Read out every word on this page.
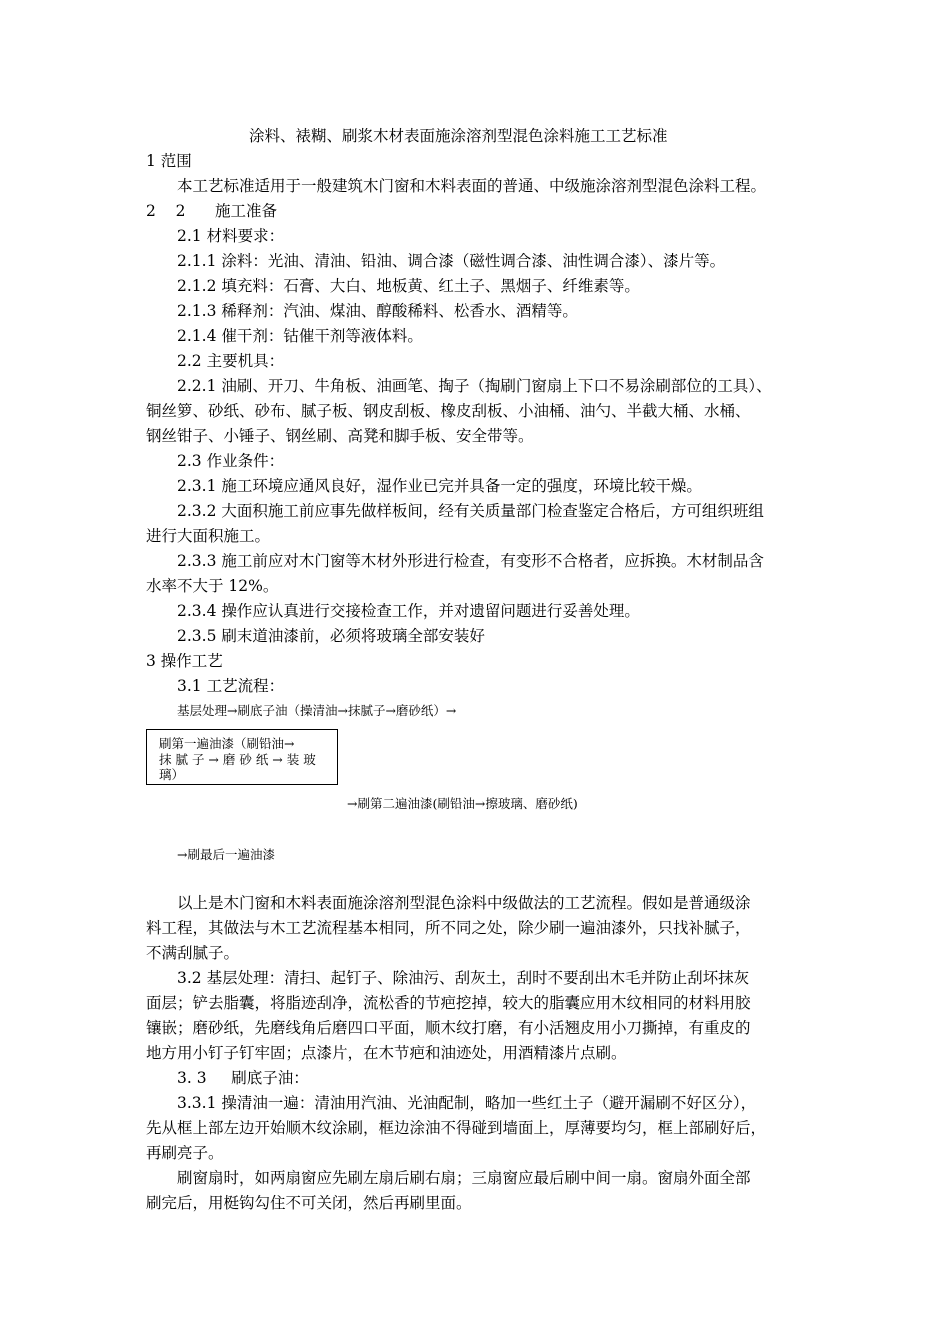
涂料、裱糊、刷浆木材表面施涂溶剂型混色涂料施工工艺标准

1 范围

本工艺标准适用于一般建筑木门窗和木料表面的普通、中级施涂溶剂型混色涂料工程。

2    2      施工准备

2.1 材料要求：

2.1.1 涂料：光油、清油、铅油、调合漆（磁性调合漆、油性调合漆）、漆片等。

2.1.2 填充料：石膏、大白、地板黄、红土子、黑烟子、纤维素等。

2.1.3 稀释剂：汽油、煤油、醇酸稀料、松香水、酒精等。

2.1.4 催干剂：钴催干剂等液体料。

2.2 主要机具：

2.2.1 油刷、开刀、牛角板、油画笔、掏子（掏刷门窗扇上下口不易涂刷部位的工具）、

铜丝箩、砂纸、砂布、腻子板、钢皮刮板、橡皮刮板、小油桶、油勺、半截大桶、水桶、

钢丝钳子、小锤子、钢丝刷、高凳和脚手板、安全带等。

2.3 作业条件：

2.3.1 施工环境应通风良好，湿作业已完并具备一定的强度，环境比较干燥。

2.3.2 大面积施工前应事先做样板间，经有关质量部门检查鉴定合格后，方可组织班组

进行大面积施工。

2.3.3 施工前应对木门窗等木材外形进行检查，有变形不合格者，应拆换。木材制品含

水率不大于 12%。

2.3.4 操作应认真进行交接检查工作，并对遗留问题进行妥善处理。

2.3.5 刷末道油漆前，必须将玻璃全部安装好

3 操作工艺

3.1 工艺流程：

基层处理→刷底子油（操清油→抹腻子→磨砂纸）→

刷第一遍油漆（刷铅油→
抹 腻 子 → 磨 砂 纸 → 装 玻
璃）

→刷第二遍油漆(刷铅油→擦玻璃、磨砂纸)

→刷最后一遍油漆

以上是木门窗和木料表面施涂溶剂型混色涂料中级做法的工艺流程。假如是普通级涂

料工程，其做法与木工艺流程基本相同，所不同之处，除少刷一遍油漆外，只找补腻子，

不满刮腻子。

3.2 基层处理：清扫、起钉子、除油污、刮灰土，刮时不要刮出木毛并防止刮坏抹灰

面层；铲去脂囊，将脂迹刮净，流松香的节疤挖掉，较大的脂囊应用木纹相同的材料用胶

镶嵌；磨砂纸，先磨线角后磨四口平面，顺木纹打磨，有小活翘皮用小刀撕掉，有重皮的

地方用小钉子钉牢固；点漆片，在木节疤和油迹处，用酒精漆片点刷。

3. 3     刷底子油：

3.3.1 操清油一遍：清油用汽油、光油配制，略加一些红土子（避开漏刷不好区分），

先从框上部左边开始顺木纹涂刷，框边涂油不得碰到墙面上，厚薄要均匀，框上部刷好后，

再刷亮子。

刷窗扇时，如两扇窗应先刷左扇后刷右扇；三扇窗应最后刷中间一扇。窗扇外面全部

刷完后，用梃钩勾住不可关闭，然后再刷里面。
